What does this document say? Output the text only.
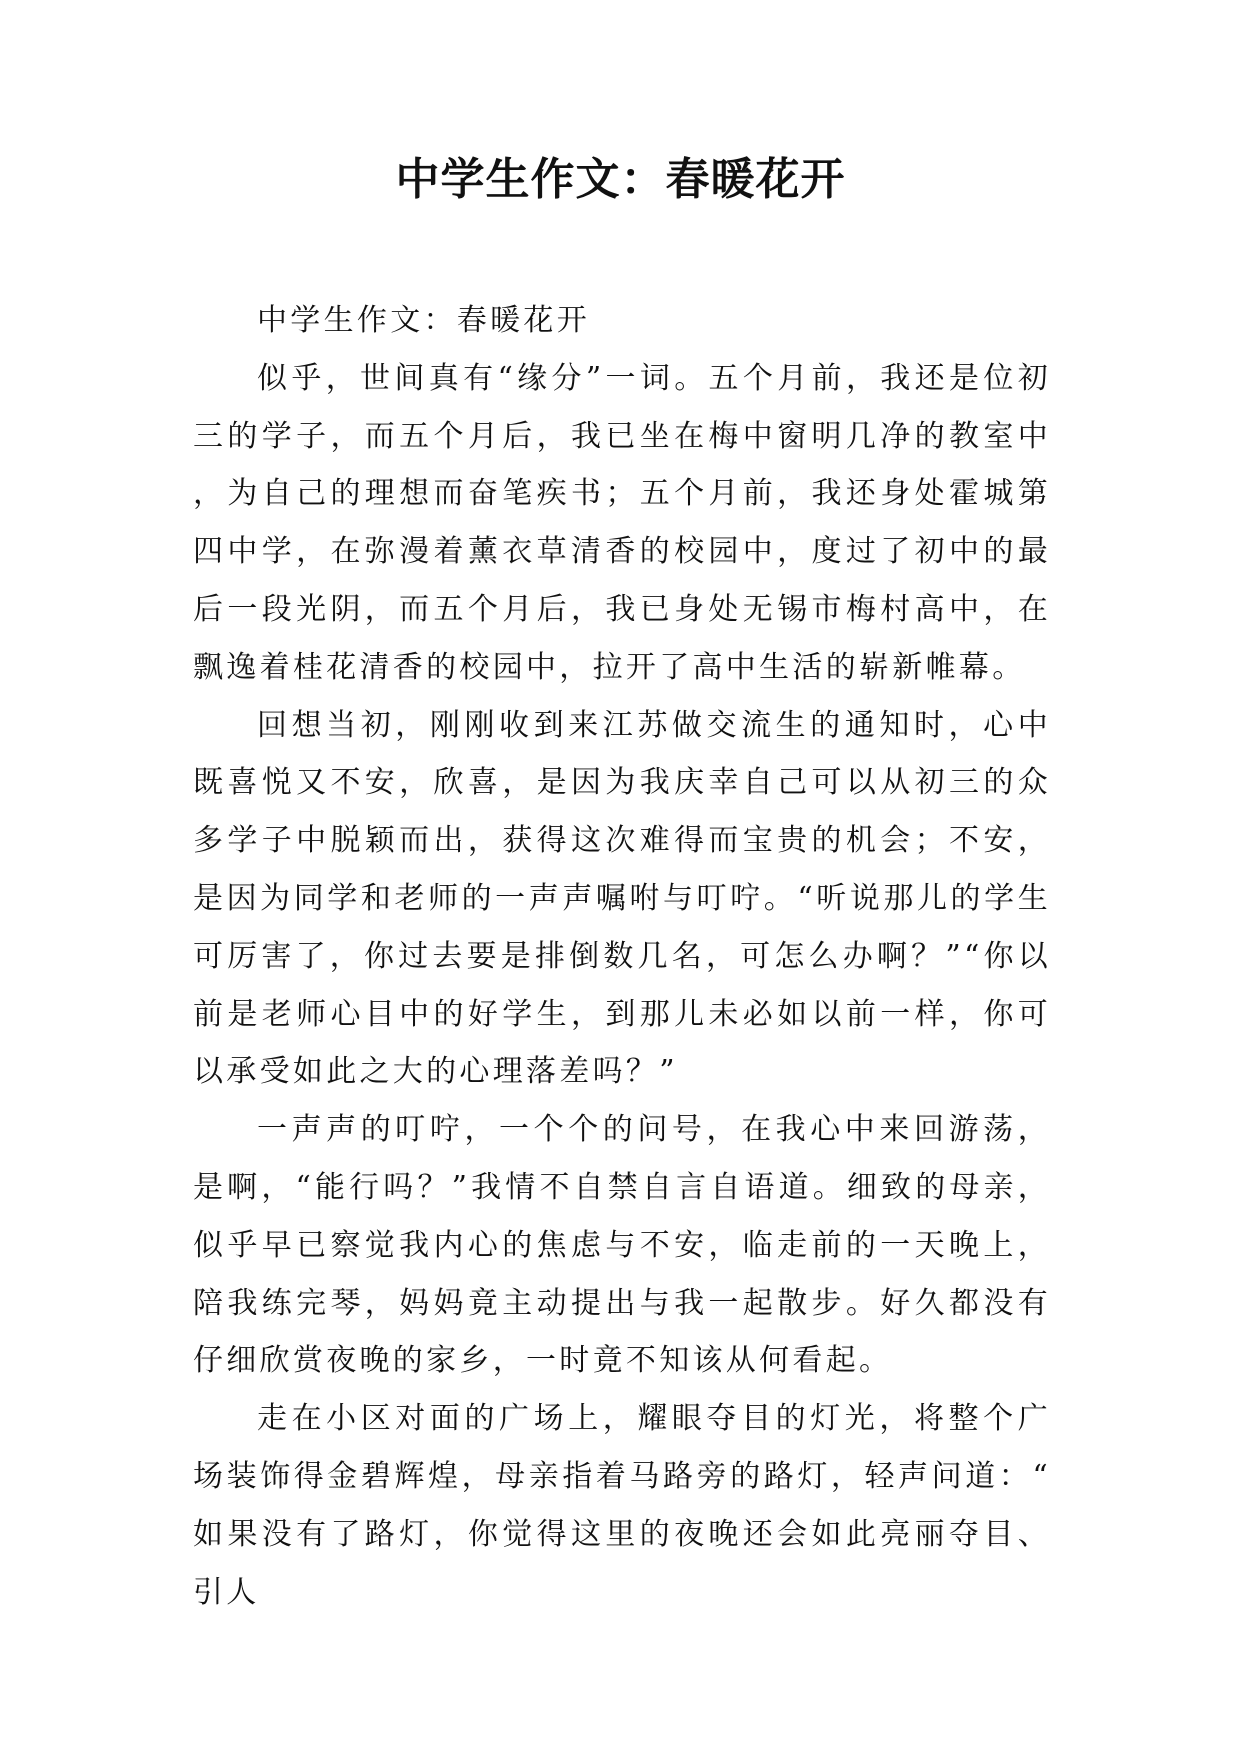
中学生作文：春暖花开

中学生作文：春暖花开

似乎，世间真有“缘分”一词。五个月前，我还是位初三的学子，而五个月后，我已坐在梅中窗明几净的教室中，为自己的理想而奋笔疾书；五个月前，我还身处霍城第四中学，在弥漫着薰衣草清香的校园中，度过了初中的最后一段光阴，而五个月后，我已身处无锡市梅村高中，在飘逸着桂花清香的校园中，拉开了高中生活的崭新帷幕。

回想当初，刚刚收到来江苏做交流生的通知时，心中既喜悦又不安，欣喜，是因为我庆幸自己可以从初三的众多学子中脱颖而出，获得这次难得而宝贵的机会；不安，是因为同学和老师的一声声嘱咐与叮咛。“听说那儿的学生可厉害了，你过去要是排倒数几名，可怎么办啊？”“你以前是老师心目中的好学生，到那儿未必如以前一样，你可以承受如此之大的心理落差吗？”

一声声的叮咛，一个个的问号，在我心中来回游荡，是啊，“能行吗？”我情不自禁自言自语道。细致的母亲，似乎早已察觉我内心的焦虑与不安，临走前的一天晚上，陪我练完琴，妈妈竟主动提出与我一起散步。好久都没有仔细欣赏夜晚的家乡，一时竟不知该从何看起。

走在小区对面的广场上，耀眼夺目的灯光，将整个广场装饰得金碧辉煌，母亲指着马路旁的路灯，轻声问道：“如果没有了路灯，你觉得这里的夜晚还会如此亮丽夺目、引人
